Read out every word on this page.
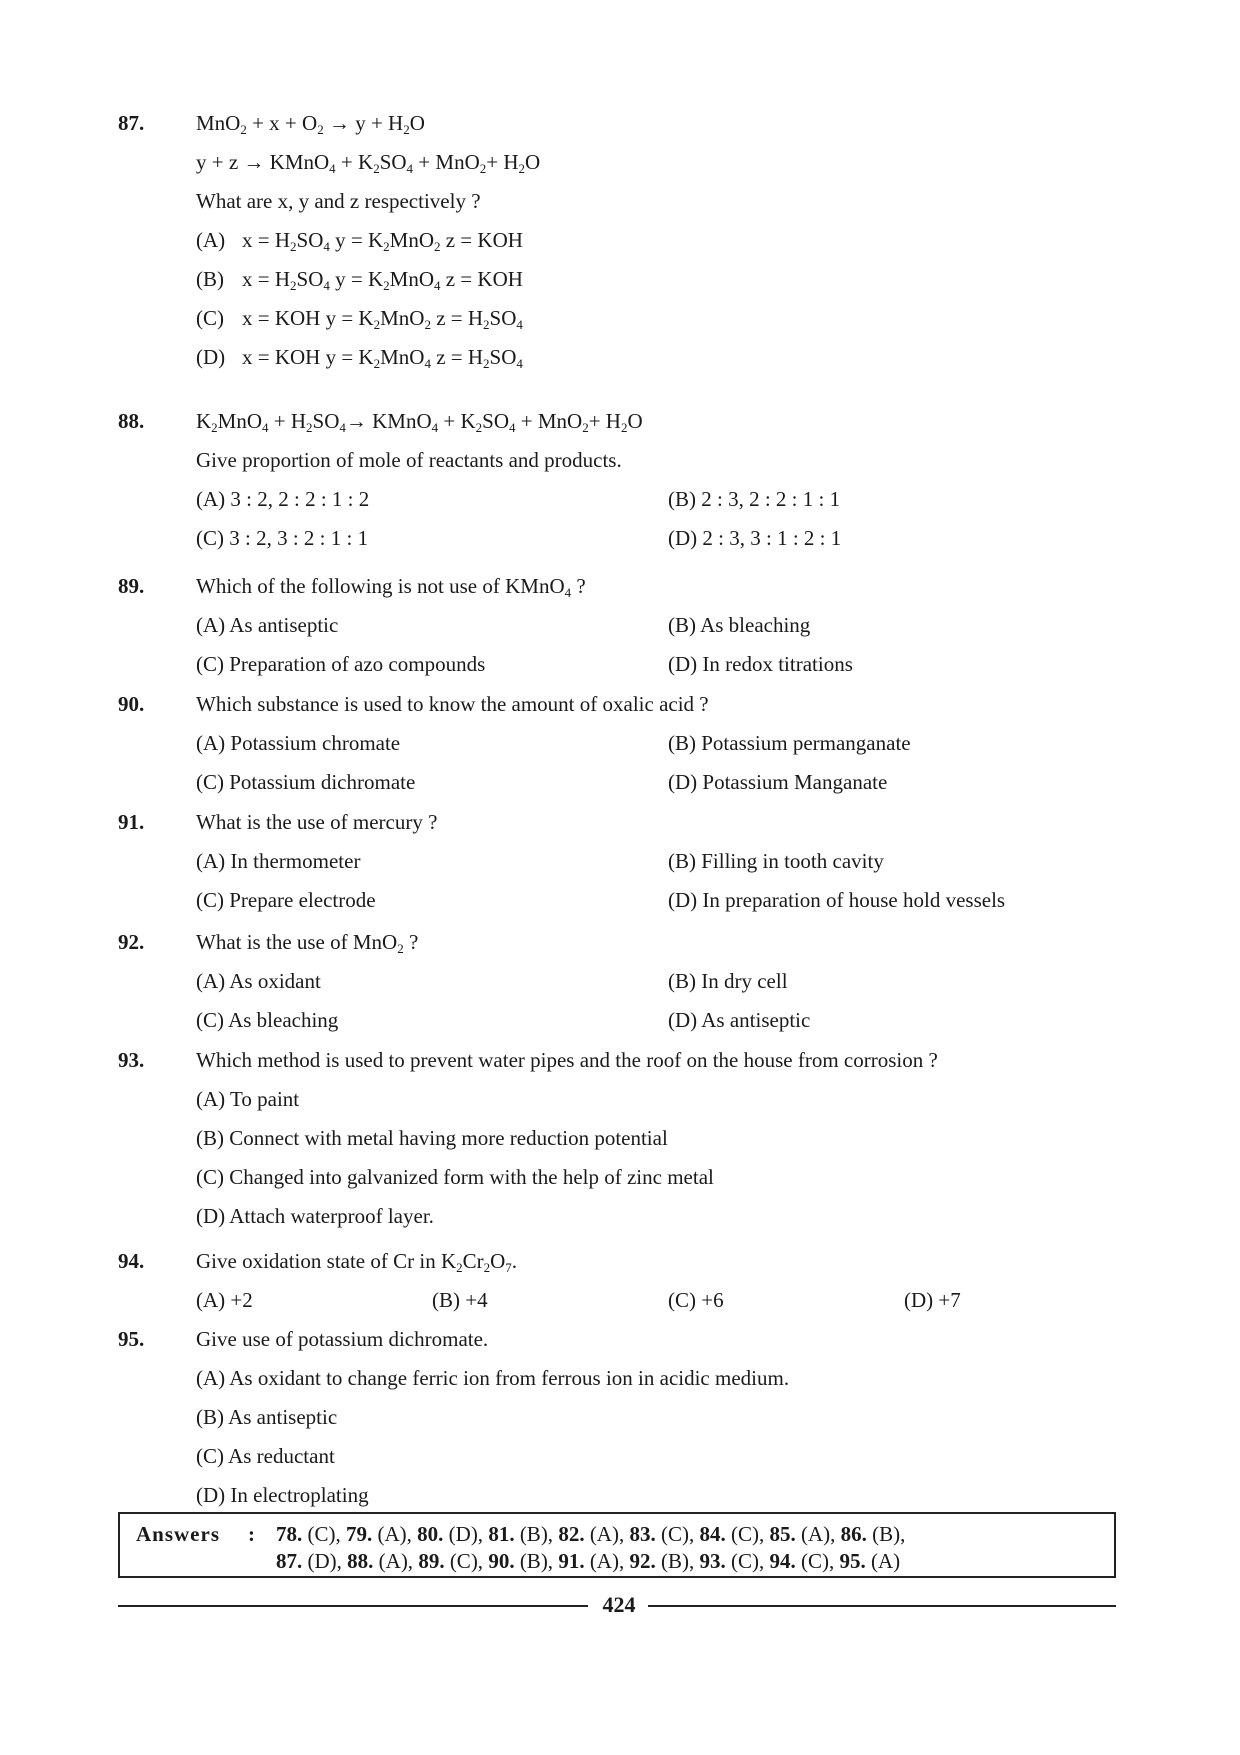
87.	$MnO_2 + x + O_2 \to y + H_2O$
y + z → KMnO$_4$ + $K_2SO_4 + MnO_2+ H_2O$
What are x, y and z respectively ?
(A) $x = H_2SO_4$ $y = K_2MnO_2$ z = KOH
(B) $x = H_2SO_4$ $y = K_2MnO_4$ z = KOH
(C) x = KOH $y = K_2MnO_2$ $z = H_2SO_4$
(D) x = KOH $y = K_2MnO_4$ $z = H_2SO_4$
88.	$K_2MnO_4 + H_2SO_4\to$ KMnO$_4$ + $K_2SO_4 + MnO_2+ H_2O$
Give proportion of mole of reactants and products.
(A) 3 : 2, 2 : 2 : 1 : 2	(B) 2 : 3, 2 : 2 : 1 : 1
(C) 3 : 2, 3 : 2 : 1 : 1	(D) 2 : 3, 3 : 1 : 2 : 1
89.	Which of the following is not use of KMnO$_4$ ?
(A) As antiseptic	(B) As bleaching
(C) Preparation of azo compounds	(D) In redox titrations
90.	Which substance is used to know the amount of oxalic acid ?
(A) Potassium chromate	(B) Potassium permanganate
(C) Potassium dichromate	(D) Potassium Manganate
91.	What is the use of mercury ?
(A) In thermometer	(B) Filling in tooth cavity
(C) Prepare electrode	(D) In preparation of house hold vessels
92.	What is the use of MnO$_2$ ?
(A) As oxidant	(B) In dry cell
(C) As bleaching	(D) As antiseptic
93.	Which method is used to prevent water pipes and the roof on the house from corrosion ?
(A) To paint
(B) Connect with metal having more reduction potential
(C) Changed into galvanized form with the help of zinc metal
(D) Attach waterproof layer.
94.	Give oxidation state of Cr in $K_2Cr_2O_7$.
(A) +2	(B) +4	(C) +6	(D) +7
95.	Give use of potassium dichromate.
(A) As oxidant to change ferric ion from ferrous ion in acidic medium.
(B) As antiseptic
(C) As reductant
(D) In electroplating
Answers : 78. (C), 79. (A), 80. (D), 81. (B), 82. (A), 83. (C), 84. (C), 85. (A), 86. (B),
87. (D), 88. (A), 89. (C), 90. (B), 91. (A), 92. (B), 93. (C), 94. (C), 95. (A)
424
